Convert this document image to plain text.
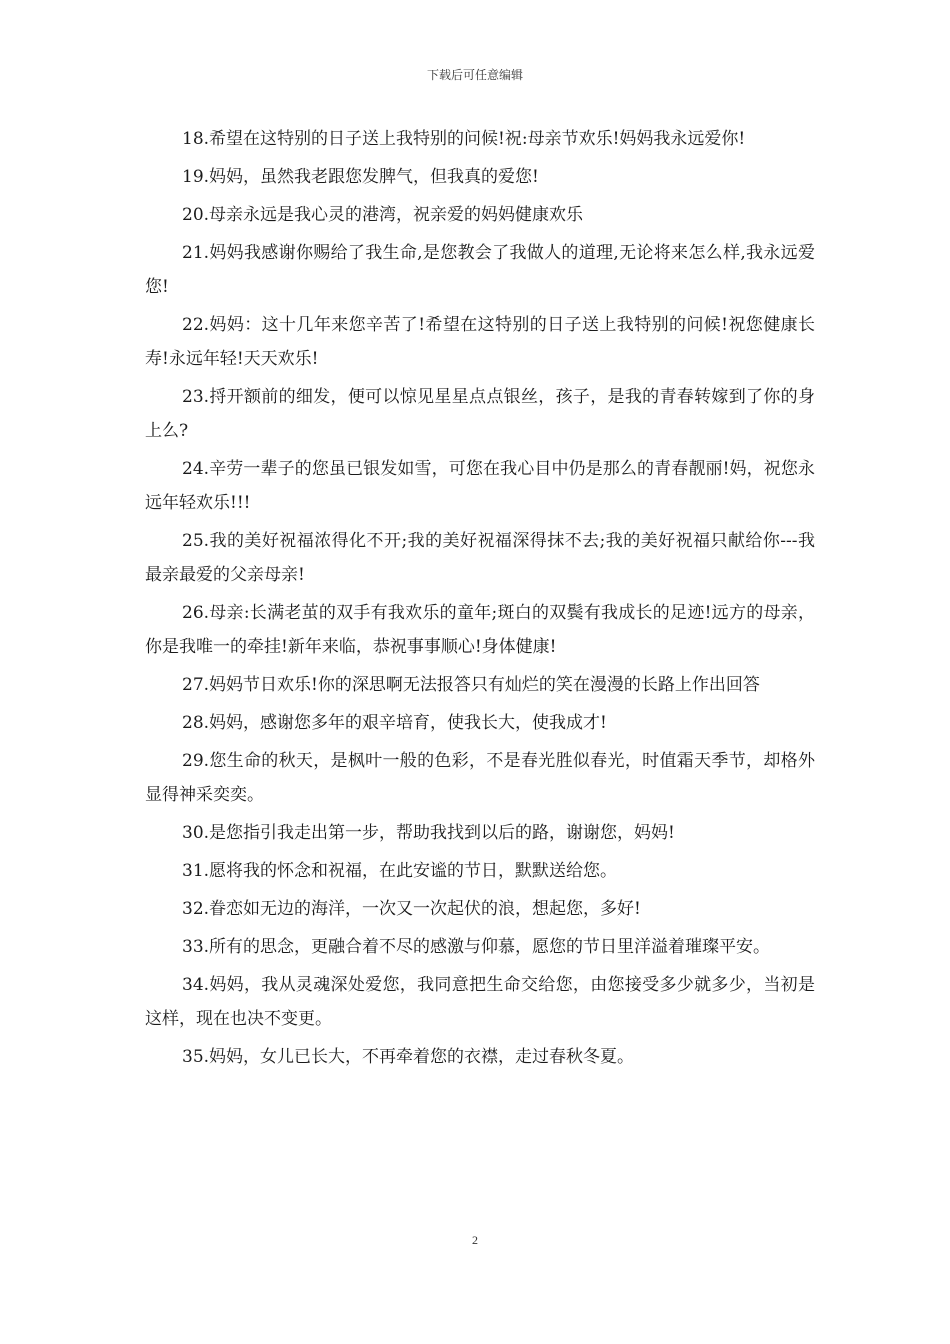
下载后可任意编辑

18.希望在这特别的日子送上我特别的问候!祝:母亲节欢乐!妈妈我永远爱你!

19.妈妈，虽然我老跟您发脾气，但我真的爱您!

20.母亲永远是我心灵的港湾，祝亲爱的妈妈健康欢乐

21.妈妈我感谢你赐给了我生命,是您教会了我做人的道理,无论将来怎么样,我永远爱您!

22.妈妈：这十几年来您辛苦了!希望在这特别的日子送上我特别的问候!祝您健康长寿!永远年轻!天天欢乐!

23.捋开额前的细发，便可以惊见星星点点银丝，孩子，是我的青春转嫁到了你的身上么?

24.辛劳一辈子的您虽已银发如雪，可您在我心目中仍是那么的青春靓丽!妈，祝您永远年轻欢乐!!!

25.我的美好祝福浓得化不开;我的美好祝福深得抹不去;我的美好祝福只献给你---我最亲最爱的父亲母亲!

26.母亲:长满老茧的双手有我欢乐的童年;斑白的双鬓有我成长的足迹!远方的母亲，你是我唯一的牵挂!新年来临，恭祝事事顺心!身体健康!

27.妈妈节日欢乐!你的深思啊无法报答只有灿烂的笑在漫漫的长路上作出回答

28.妈妈，感谢您多年的艰辛培育，使我长大，使我成才!

29.您生命的秋天，是枫叶一般的色彩，不是春光胜似春光，时值霜天季节，却格外显得神采奕奕。

30.是您指引我走出第一步，帮助我找到以后的路，谢谢您，妈妈!

31.愿将我的怀念和祝福，在此安谧的节日，默默送给您。

32.眷恋如无边的海洋，一次又一次起伏的浪，想起您，多好!

33.所有的思念，更融合着不尽的感激与仰慕，愿您的节日里洋溢着璀璨平安。

34.妈妈，我从灵魂深处爱您，我同意把生命交给您，由您接受多少就多少，当初是这样，现在也决不变更。

35.妈妈，女儿已长大，不再牵着您的衣襟，走过春秋冬夏。

2
